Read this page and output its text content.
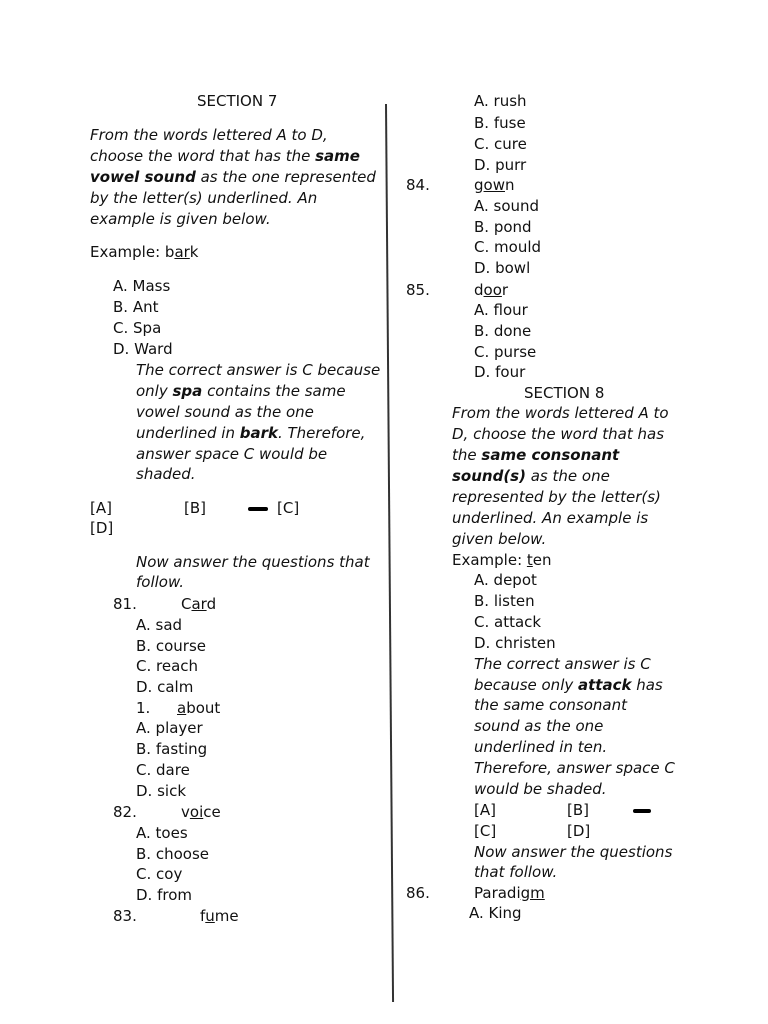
SECTION 7
From the words lettered A to D,
choose the word that has the same
vowel sound as the one represented
by the letter(s) underlined. An
example is given below.
Example: bark
A. Mass
B. Ant
C. Spa
D. Ward
The correct answer is C because
only spa contains the same
vowel sound as the one
underlined in bark. Therefore,
answer space C would be
shaded.
[A]	[B]	[C]
[D]
Now answer the questions that
follow.
81.	Card
A. sad
B. course
C. reach
D. calm
1. about
A. player
B. fasting
C. dare
D. sick
82.	voice
A. toes
B. choose
C. coy
D. from
83.	fume
A. rush
B. fuse
C. cure
D. purr
84.	gown
A. sound
B. pond
C. mould
D. bowl
85.	door
A. flour
B. done
C. purse
D. four
SECTION 8
From the words lettered A to
D, choose the word that has
the same consonant
sound(s) as the one
represented by the letter(s)
underlined. An example is
given below.
Example: ten
A. depot
B. listen
C. attack
D. christen
The correct answer is C
because only attack has
the same consonant
sound as the one
underlined in ten.
Therefore, answer space C
would be shaded.
[A]	[B]
[C]	[D]
Now answer the questions
that follow.
86.	Paradigm
A. King
